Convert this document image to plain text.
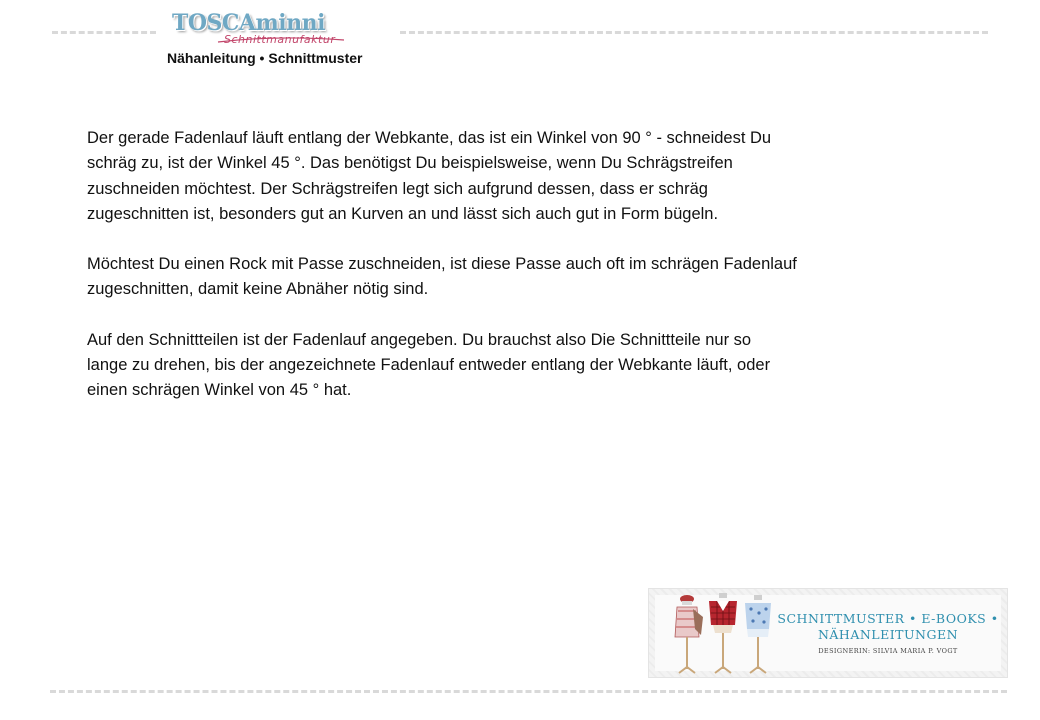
TOSCAminni
Schnittmanufaktur
Nähanleitung • Schnittmuster

Der gerade Fadenlauf läuft entlang der Webkante, das ist ein Winkel von 90 ° - schneidest Du
schräg zu, ist der Winkel 45 °. Das benötigst Du beispielsweise, wenn Du Schrägstreifen
zuschneiden möchtest. Der Schrägstreifen legt sich aufgrund dessen, dass er schräg
zugeschnitten ist, besonders gut an Kurven an und lässt sich auch gut in Form bügeln.

Möchtest Du einen Rock mit Passe zuschneiden, ist diese Passe auch oft im schrägen Fadenlauf
zugeschnitten, damit keine Abnäher nötig sind.

Auf den Schnittteilen ist der Fadenlauf angegeben. Du brauchst also Die Schnittteile nur so
lange zu drehen, bis der angezeichnete Fadenlauf entweder entlang der Webkante läuft, oder
einen schrägen Winkel von 45 ° hat.

SCHNITTMUSTER • E-BOOKS •
NÄHANLEITUNGEN
DESIGNERIN: SILVIA MARIA P. VOGT
